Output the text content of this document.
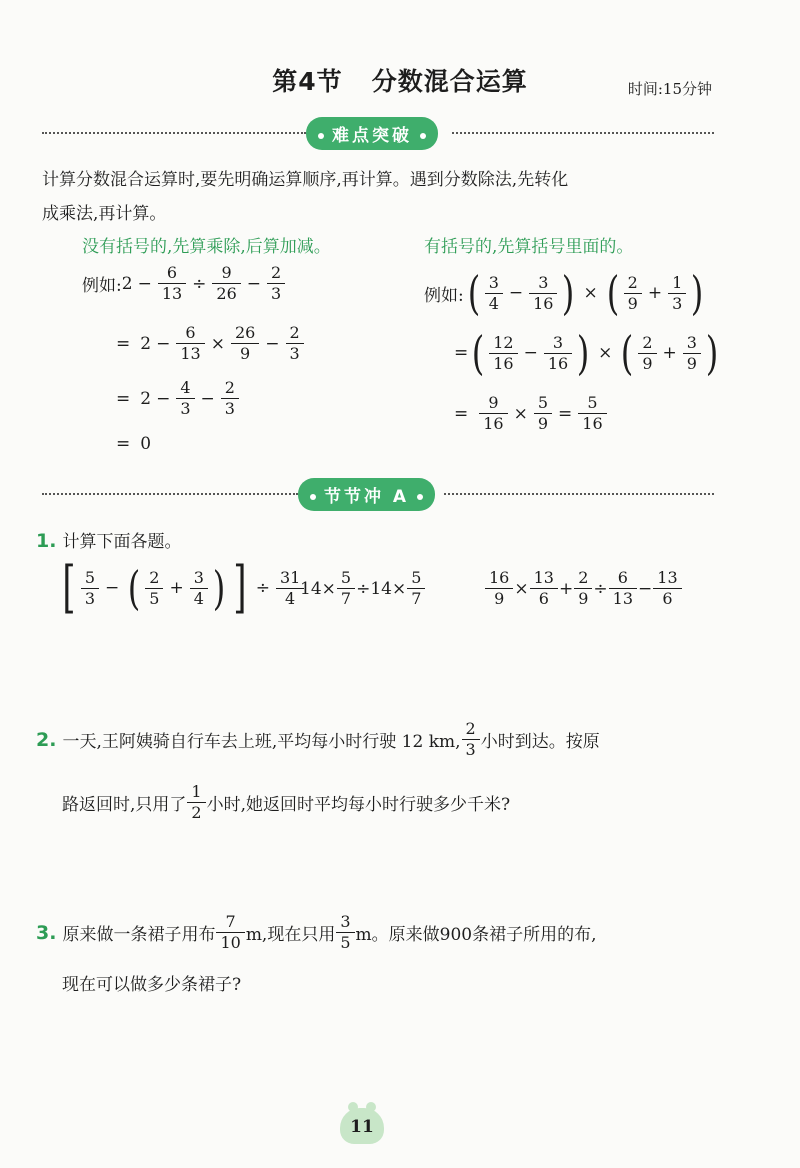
第4节 分数混合运算	时间:15分钟
难点突破
计算分数混合运算时,要先明确运算顺序,再计算。遇到分数除法,先转化
成乘法,再计算。
没有括号的,先算乘除,后算加减。	有括号的,先算括号里面的。
例如: $2 - \frac{6}{13} \div \frac{9}{26} - \frac{2}{3}$
= $2 - \frac{6}{13} \times \frac{26}{9} - \frac{2}{3}$
= $2 - \frac{4}{3} - \frac{2}{3}$
= 0
例如: ( $\frac{3}{4} - \frac{3}{16}$ ) × ( $\frac{2}{9} + \frac{1}{3}$ )
= ( $\frac{12}{16} - \frac{3}{16}$ ) × ( $\frac{2}{9} + \frac{3}{9}$ )
= $\frac{9}{16} \times \frac{5}{9} = \frac{5}{16}$
节节冲 A
1. 计算下面各题。
[ $\frac{5}{3}$ − ( $\frac{2}{5} + \frac{3}{4}$ ) ] ÷ $\frac{31}{4}$
$14\times \frac{5}{7} \div 14\times \frac{5}{7}$	$\frac{16}{9} \times \frac{13}{6} + \frac{2}{9} \div \frac{6}{13} - \frac{13}{6}$
2. 一天,王阿姨骑自行车去上班,平均每小时行驶 12 km, $\frac{2}{3}$ 小时到达。按原
路返回时,只用了 $\frac{1}{2}$ 小时,她返回时平均每小时行驶多少千米?
3. 原来做一条裙子用布 $\frac{7}{10} m$,现在只用 $\frac{3}{5}$ m。原来做900条裙子所用的布,
现在可以做多少条裙子?
11
